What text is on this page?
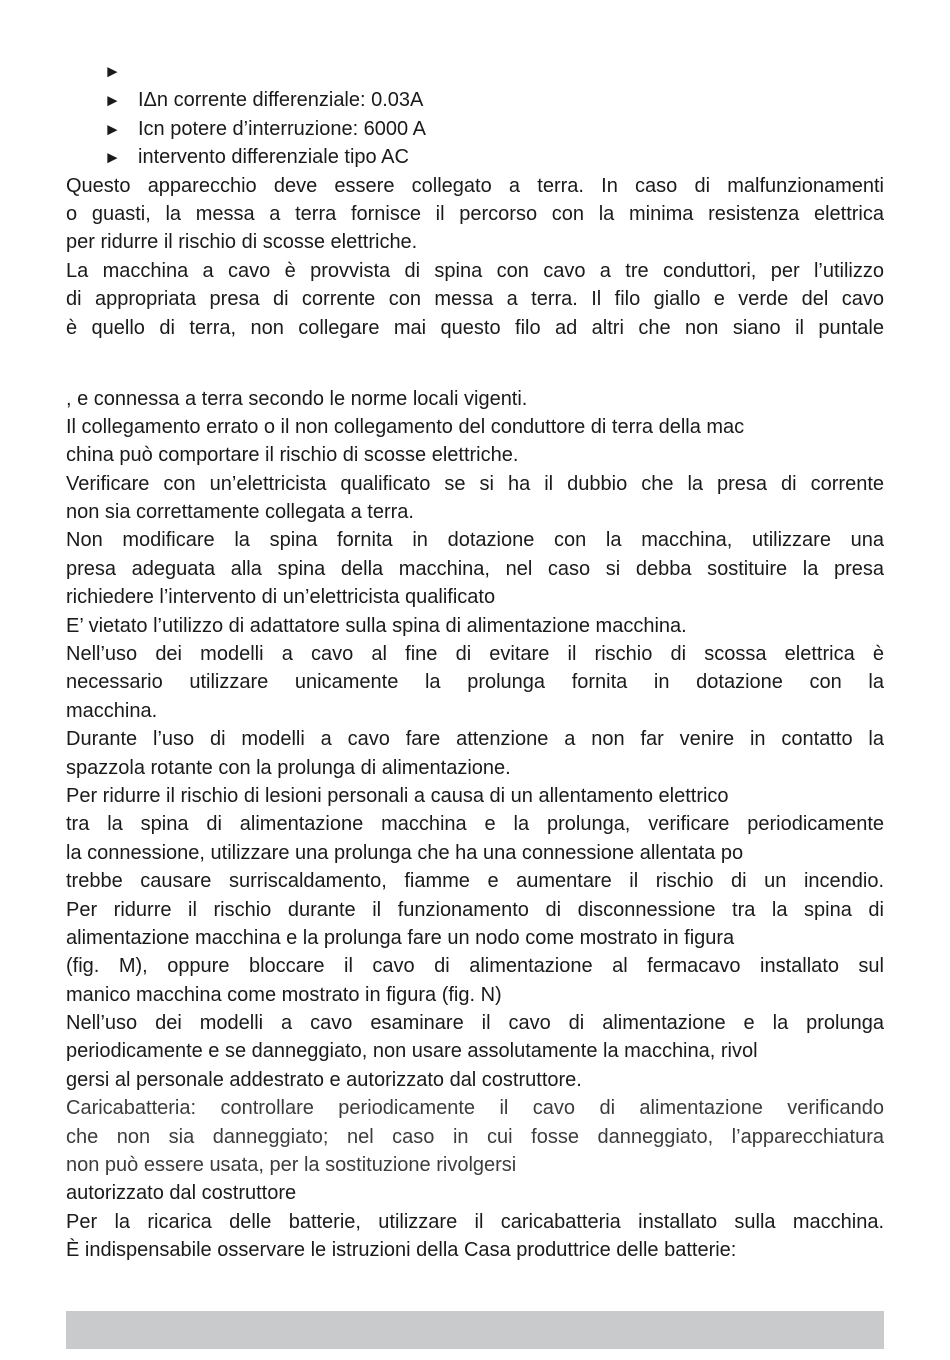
►
► IΔn corrente differenziale: 0.03A
► Icn potere d’interruzione: 6000 A
► intervento differenziale tipo AC
Questo apparecchio deve essere collegato a terra. In caso di malfunzionamenti
o guasti, la messa a terra fornisce il percorso con la minima resistenza elettrica
per ridurre il rischio di scosse elettriche.
La macchina a cavo è provvista di spina con cavo a tre conduttori, per l’utilizzo
di appropriata presa di corrente con messa a terra. Il filo giallo e verde del cavo
è quello di terra, non collegare mai questo filo ad altri che non siano il puntale
, e connessa a terra secondo le norme locali vigenti.
Il collegamento errato o il non collegamento del conduttore di terra della mac
china può comportare il rischio di scosse elettriche.
Verificare con un’elettricista qualificato se si ha il dubbio che la presa di corrente
non sia correttamente collegata a terra.
Non modificare la spina fornita in dotazione con la macchina, utilizzare una
presa adeguata alla spina della macchina, nel caso si debba sostituire la presa
richiedere l’intervento di un’elettricista qualificato
E’ vietato l’utilizzo di adattatore sulla spina di alimentazione macchina.
Nell’uso dei modelli a cavo al fine di evitare il rischio di scossa elettrica è
necessario utilizzare unicamente la prolunga fornita in dotazione con la
macchina.
Durante l’uso di modelli a cavo fare attenzione a non far venire in contatto la
spazzola rotante con la prolunga di alimentazione.
Per ridurre il rischio di lesioni personali a causa di un allentamento elettrico
tra la spina di alimentazione macchina e la prolunga, verificare periodicamente
la connessione, utilizzare una prolunga che ha una connessione allentata po
trebbe causare surriscaldamento, fiamme e aumentare il rischio di un incendio.
Per ridurre il rischio durante il funzionamento di disconnessione tra la spina di
alimentazione macchina e la prolunga fare un nodo come mostrato in figura
(fig. M), oppure bloccare il cavo di alimentazione al fermacavo installato sul
manico macchina come mostrato in figura (fig. N)
Nell’uso dei modelli a cavo esaminare il cavo di alimentazione e la prolunga
periodicamente e se danneggiato, non usare assolutamente la macchina, rivol
gersi al personale addestrato e autorizzato dal costruttore.
Caricabatteria: controllare periodicamente il cavo di alimentazione verificando
che non sia danneggiato; nel caso in cui fosse danneggiato, l’apparecchiatura
non può essere usata, per la sostituzione rivolgersi
autorizzato dal costruttore
Per la ricarica delle batterie, utilizzare il caricabatteria installato sulla macchina.
È indispensabile osservare le istruzioni della Casa produttrice delle batterie:
